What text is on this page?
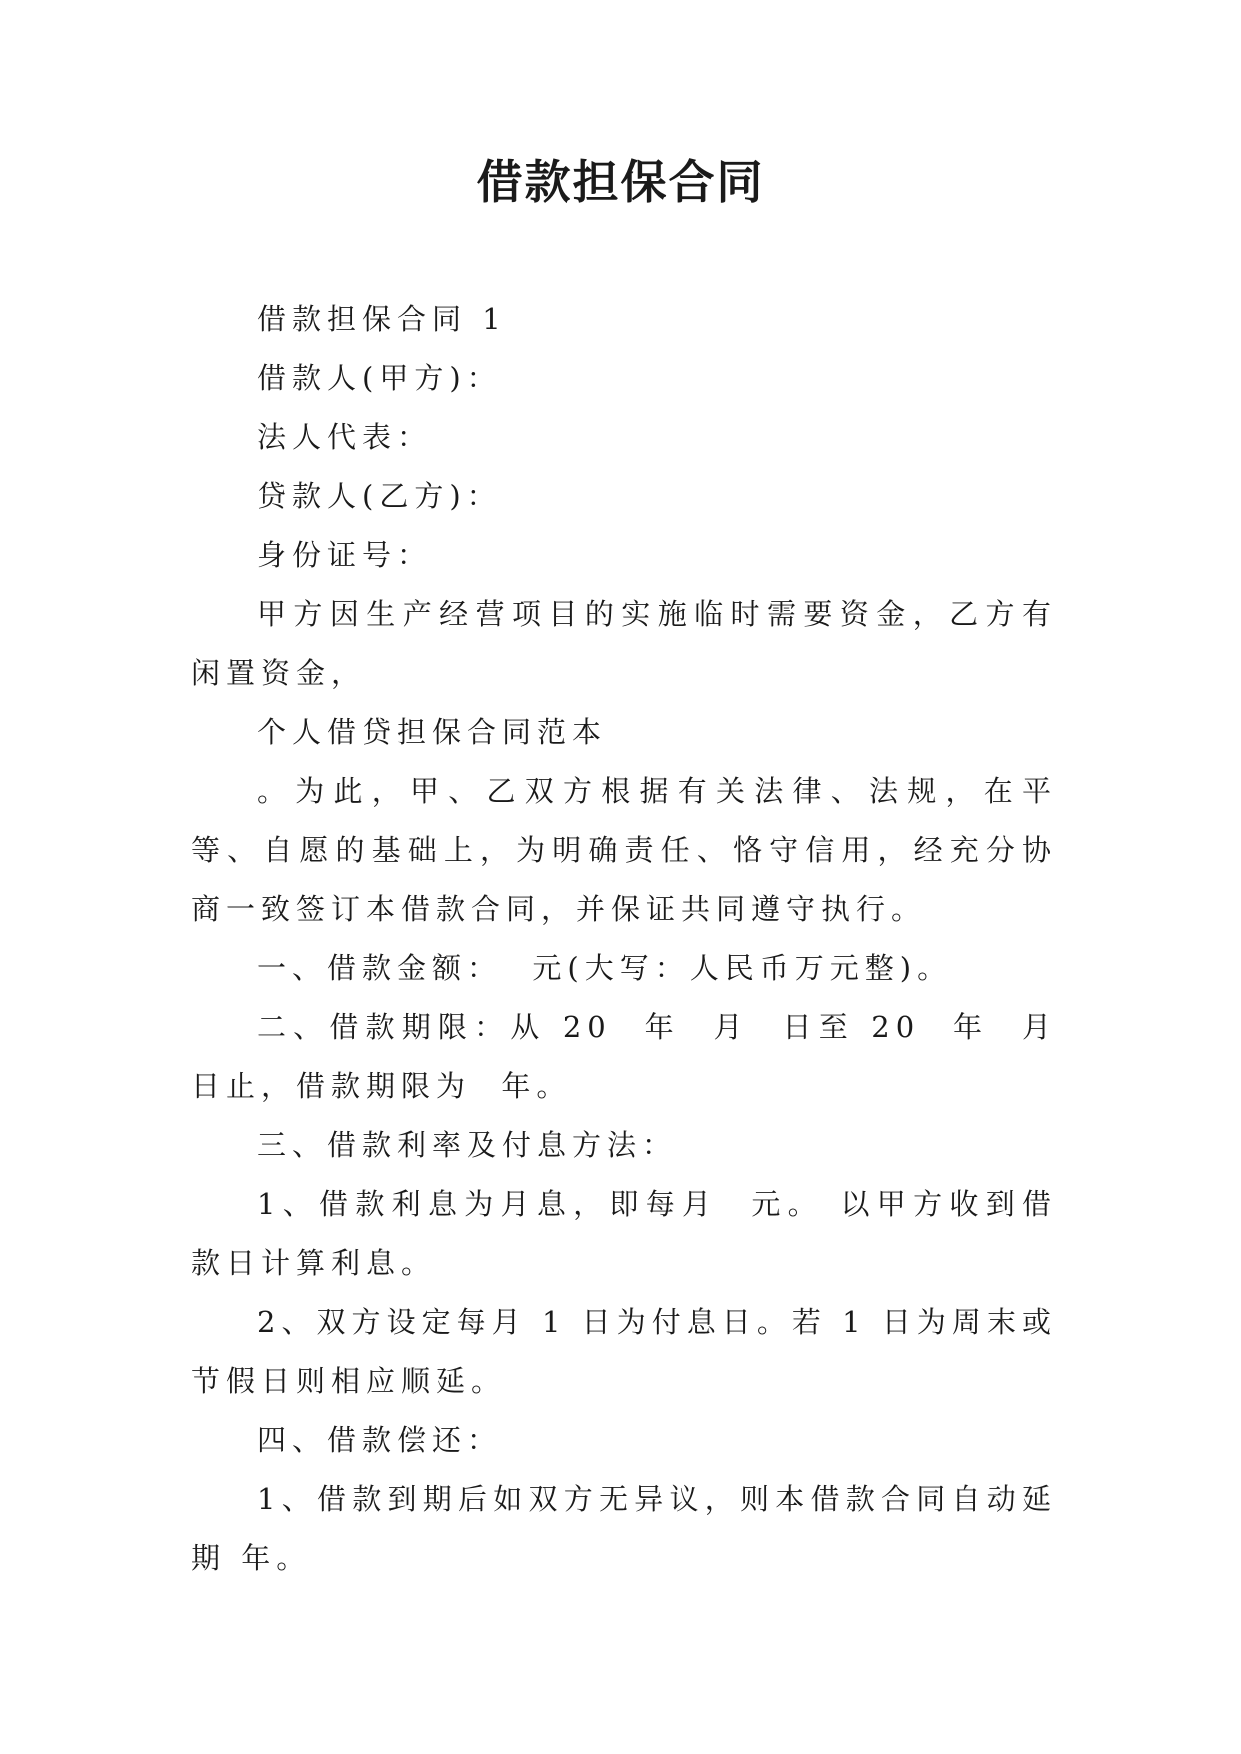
借款担保合同

借款担保合同 1

借款人(甲方)：

法人代表：

贷款人(乙方)：

身份证号：

甲方因生产经营项目的实施临时需要资金，乙方有闲置资金，

个人借贷担保合同范本

。为此，甲、乙双方根据有关法律、法规，在平等、自愿的基础上，为明确责任、恪守信用，经充分协商一致签订本借款合同，并保证共同遵守执行。

一、借款金额：  元(大写：人民币万元整)。

二、借款期限：从 20  年  月  日至 20  年  月  日止，借款期限为  年。

三、借款利率及付息方法：

1、借款利息为月息，即每月  元。 以甲方收到借款日计算利息。

2、双方设定每月 1 日为付息日。若 1 日为周末或节假日则相应顺延。

四、借款偿还：

1、借款到期后如双方无异议，则本借款合同自动延期 年。
